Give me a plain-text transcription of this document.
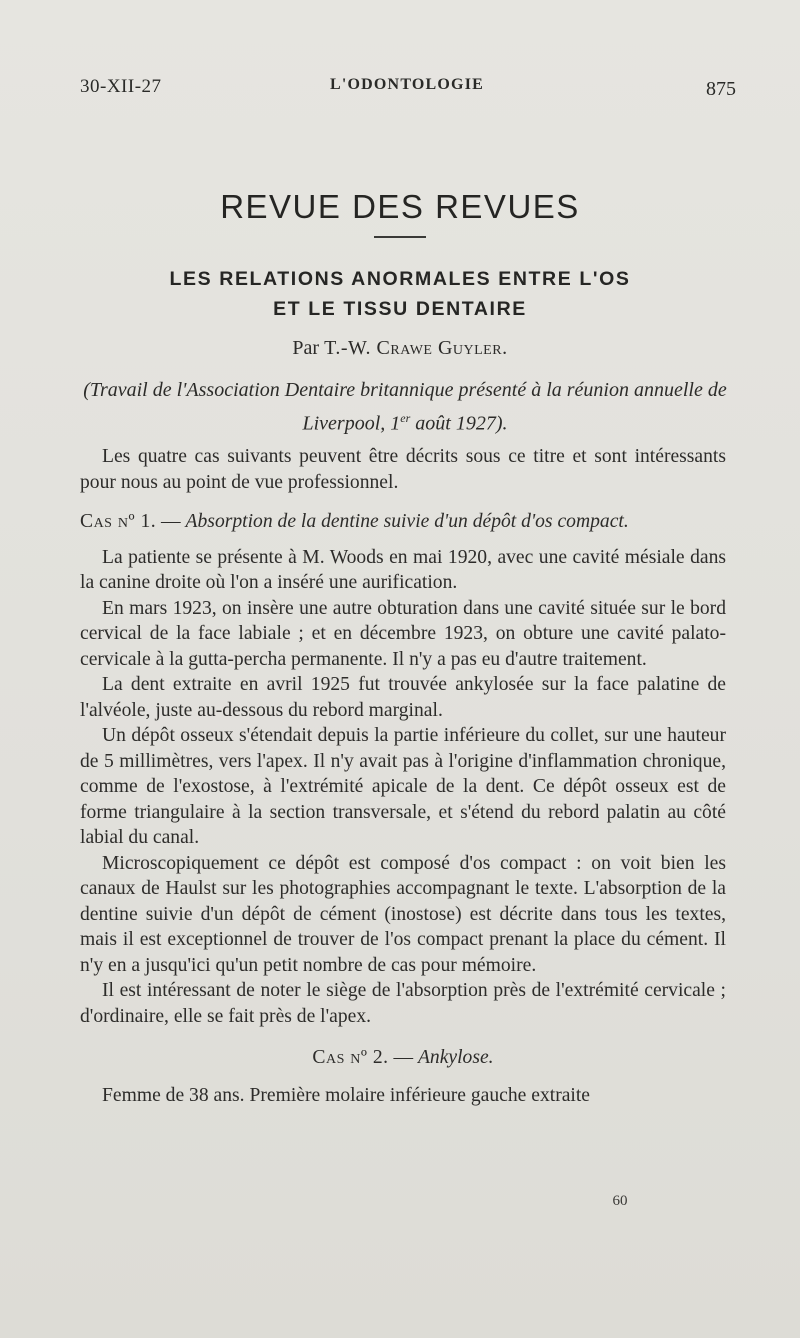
30-XII-27	L'ODONTOLOGIE	875
REVUE DES REVUES
LES RELATIONS ANORMALES ENTRE L'OS
ET LE TISSU DENTAIRE
Par T.-W. Crawe Guyler.
(Travail de l'Association Dentaire britannique présenté à la réunion annuelle de Liverpool, 1er août 1927).

Les quatre cas suivants peuvent être décrits sous ce titre et sont intéressants pour nous au point de vue professionnel.

Cas nº 1. — Absorption de la dentine suivie d'un dépôt d'os compact.

La patiente se présente à M. Woods en mai 1920, avec une cavité mésiale dans la canine droite où l'on a inséré une aurification.

En mars 1923, on insère une autre obturation dans une cavité située sur le bord cervical de la face labiale ; et en décembre 1923, on obture une cavité palato-cervicale à la gutta-percha permanente. Il n'y a pas eu d'autre traitement.

La dent extraite en avril 1925 fut trouvée ankylosée sur la face palatine de l'alvéole, juste au-dessous du rebord marginal.

Un dépôt osseux s'étendait depuis la partie inférieure du collet, sur une hauteur de 5 millimètres, vers l'apex. Il n'y avait pas à l'origine d'inflammation chronique, comme de l'exostose, à l'extrémité apicale de la dent. Ce dépôt osseux est de forme triangulaire à la section transversale, et s'étend du rebord palatin au côté labial du canal.

Microscopiquement ce dépôt est composé d'os compact : on voit bien les canaux de Haulst sur les photographies accompagnant le texte. L'absorption de la dentine suivie d'un dépôt de cément (inostose) est décrite dans tous les textes, mais il est exceptionnel de trouver de l'os compact prenant la place du cément. Il n'y en a jusqu'ici qu'un petit nombre de cas pour mémoire.

Il est intéressant de noter le siège de l'absorption près de l'extrémité cervicale ; d'ordinaire, elle se fait près de l'apex.

Cas nº 2. — Ankylose.

Femme de 38 ans. Première molaire inférieure gauche extraite

60
